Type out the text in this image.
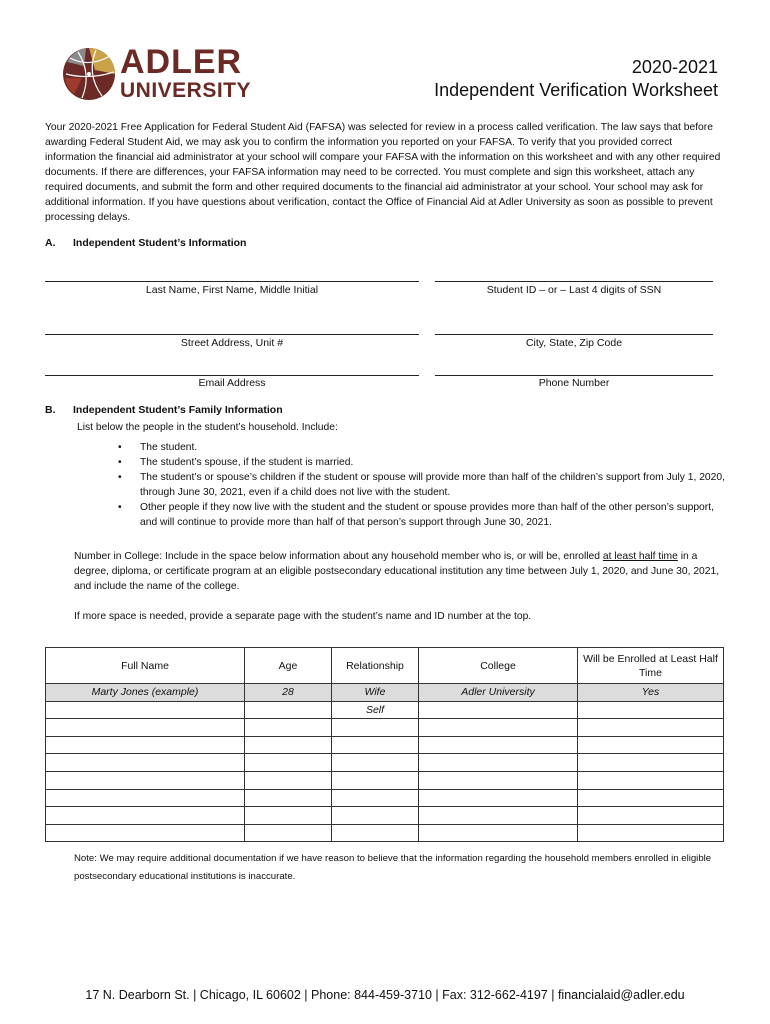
ADLER
UNIVERSITY
2020-2021
Independent Verification Worksheet
Your 2020-2021 Free Application for Federal Student Aid (FAFSA) was selected for review in a process called verification. The law says that before awarding Federal Student Aid, we may ask you to confirm the information you reported on your FAFSA. To verify that you provided correct information the financial aid administrator at your school will compare your FAFSA with the information on this worksheet and with any other required documents. If there are differences, your FAFSA information may need to be corrected. You must complete and sign this worksheet, attach any required documents, and submit the form and other required documents to the financial aid administrator at your school. Your school may ask for additional information. If you have questions about verification, contact the Office of Financial Aid at Adler University as soon as possible to prevent processing delays.
A. Independent Student’s Information
Last Name, First Name, Middle Initial	Student ID – or – Last 4 digits of SSN
Street Address, Unit #	City, State, Zip Code
Email Address	Phone Number
B. Independent Student’s Family Information
List below the people in the student’s household. Include:
• The student.
• The student’s spouse, if the student is married.
• The student’s or spouse’s children if the student or spouse will provide more than half of the children’s support from July 1, 2020, through June 30, 2021, even if a child does not live with the student.
• Other people if they now live with the student and the student or spouse provides more than half of the other person’s support, and will continue to provide more than half of that person’s support through June 30, 2021.
Number in College: Include in the space below information about any household member who is, or will be, enrolled at least half time in a degree, diploma, or certificate program at an eligible postsecondary educational institution any time between July 1, 2020, and June 30, 2021, and include the name of the college.
If more space is needed, provide a separate page with the student’s name and ID number at the top.
Full Name	Age	Relationship	College	Will be Enrolled at Least Half Time
Marty Jones (example)	28	Wife	Adler University	Yes
		Self		

Note: We may require additional documentation if we have reason to believe that the information regarding the household members enrolled in eligible postsecondary educational institutions is inaccurate.
17 N. Dearborn St. | Chicago, IL 60602 | Phone: 844-459-3710 | Fax: 312-662-4197 | financialaid@adler.edu
